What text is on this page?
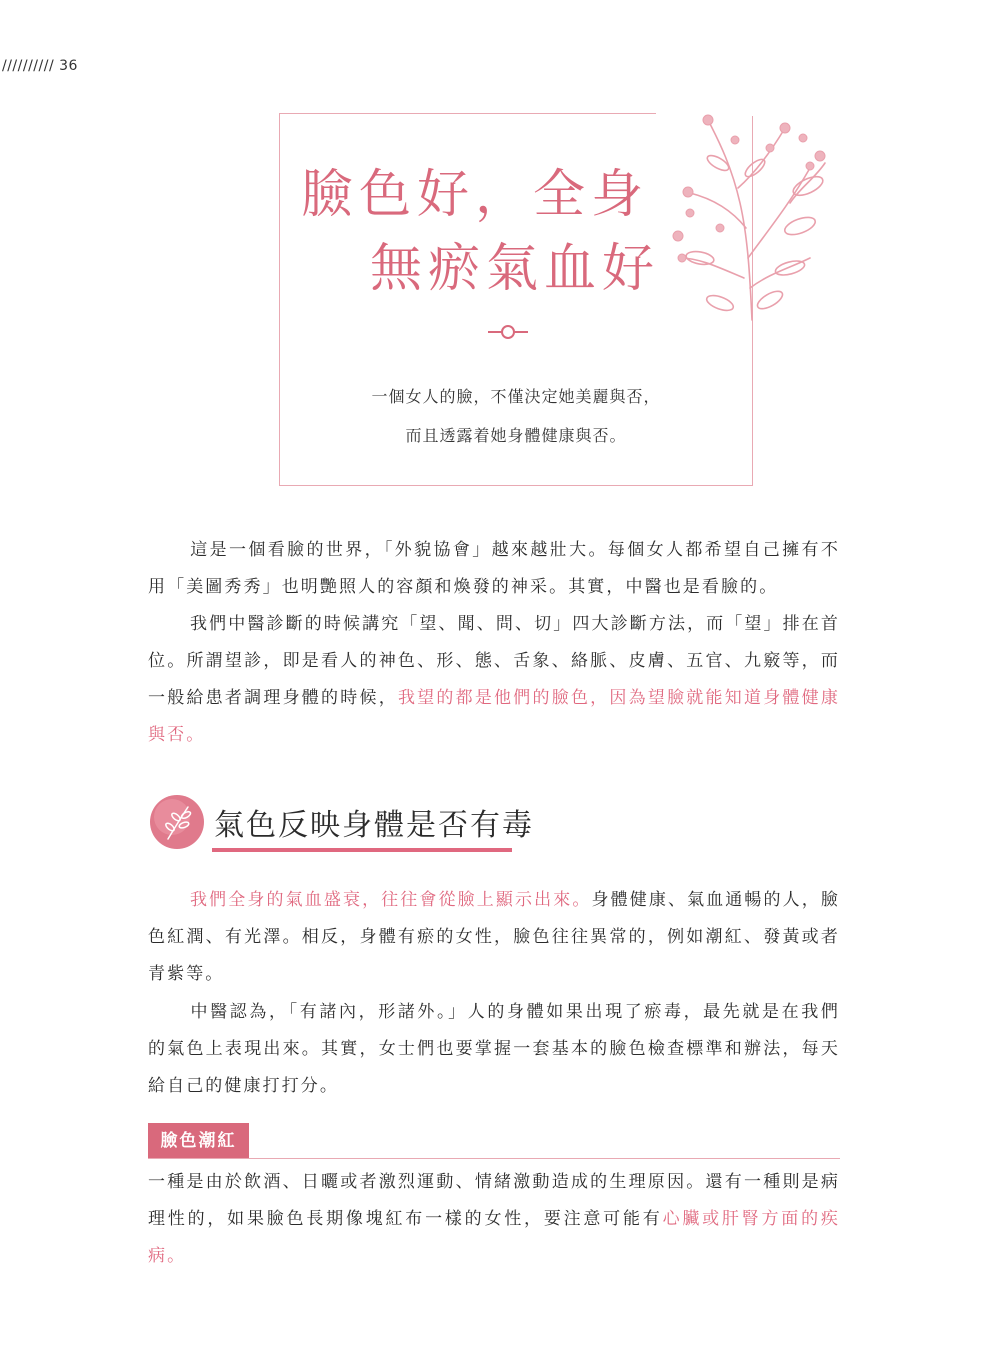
////////// 36
臉色好，全身
無瘀氣血好
一個女人的臉，不僅決定她美麗與否，
而且透露着她身體健康與否。
這是一個看臉的世界，「外貌協會」越來越壯大。每個女人都希望自己擁有不用「美圖秀秀」也明艷照人的容顏和煥發的神采。其實，中醫也是看臉的。
我們中醫診斷的時候講究「望、聞、問、切」四大診斷方法，而「望」排在首位。所謂望診，即是看人的神色、形、態、舌象、絡脈、皮膚、五官、九竅等，而一般給患者調理身體的時候，我望的都是他們的臉色，因為望臉就能知道身體健康與否。
氣色反映身體是否有毒
我們全身的氣血盛衰，往往會從臉上顯示出來。身體健康、氣血通暢的人，臉色紅潤、有光澤。相反，身體有瘀的女性，臉色往往異常的，例如潮紅、發黃或者青紫等。
中醫認為，「有諸內，形諸外。」人的身體如果出現了瘀毒，最先就是在我們的氣色上表現出來。其實，女士們也要掌握一套基本的臉色檢查標準和辦法，每天給自己的健康打打分。
臉色潮紅
一種是由於飲酒、日曬或者激烈運動、情緒激動造成的生理原因。還有一種則是病理性的，如果臉色長期像塊紅布一樣的女性，要注意可能有心臟或肝腎方面的疾病。
